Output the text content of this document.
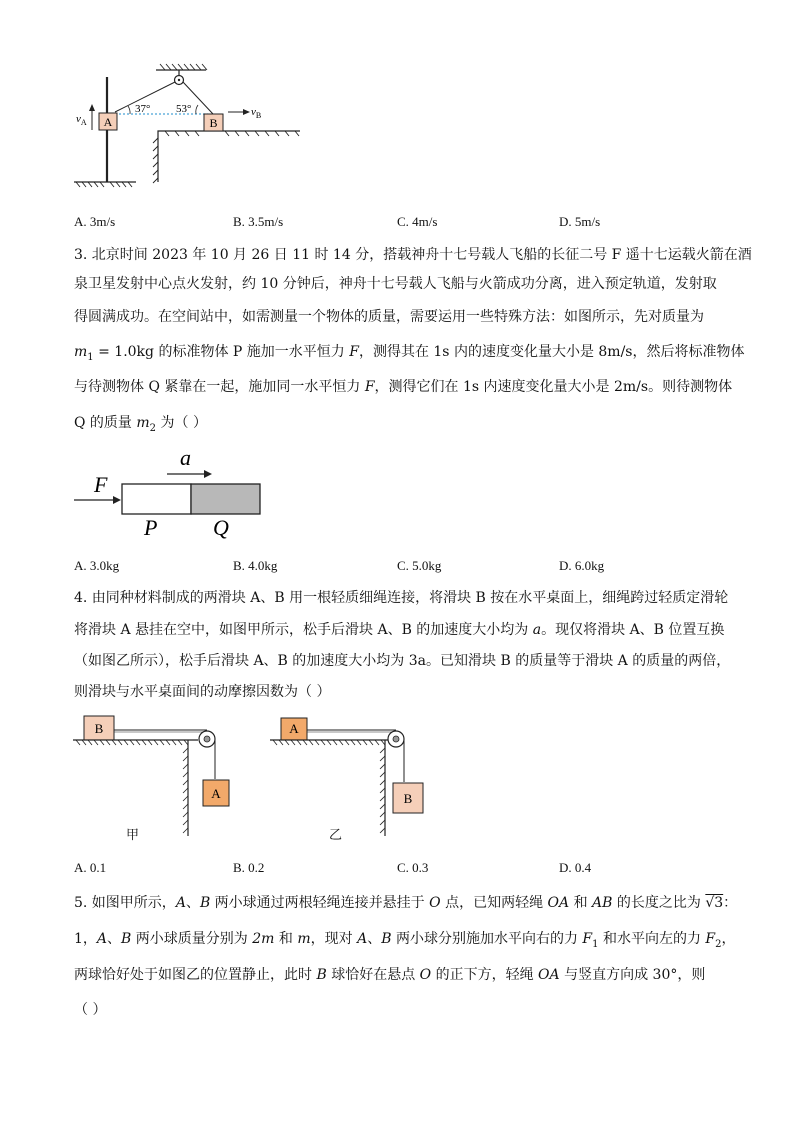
A	B
37° 53°
$v_A$
$v_B$
A. 3m/s	B. 3.5m/s	C. 4m/s	D. 5m/s
3. 北京时间 2023 年 10 月 26 日 11 时 14 分，搭载神舟十七号载人飞船的长征二号 F 遥十七运载火箭在酒
泉卫星发射中心点火发射，约 10 分钟后，神舟十七号载人飞船与火箭成功分离，进入预定轨道，发射取
得圆满成功。在空间站中，如需测量一个物体的质量，需要运用一些特殊方法：如图所示，先对质量为
$m_1 = 1.0kg$ 的标准物体 P 施加一水平恒力 F，测得其在 1s 内的速度变化量大小是 8m/s，然后将标准物体
与待测物体 Q 紧靠在一起，施加同一水平恒力 F，测得它们在 1s 内速度变化量大小是 2m/s。则待测物体
Q 的质量 $m_2$ 为（ ）
F
a
P	Q
A. 3.0kg	B. 4.0kg	C. 5.0kg	D. 6.0kg
4. 由同种材料制成的两滑块 A、B 用一根轻质细绳连接，将滑块 B 按在水平桌面上，细绳跨过轻质定滑轮
将滑块 A 悬挂在空中，如图甲所示，松手后滑块 A、B 的加速度大小均为 a。现仅将滑块 A、B 位置互换
（如图乙所示），松手后滑块 A、B 的加速度大小均为 3a。已知滑块 B 的质量等于滑块 A 的质量的两倍，
则滑块与水平桌面间的动摩擦因数为（ ）
B
A
甲
A
B
乙
A. 0.1	B. 0.2	C. 0.3	D. 0.4
5. 如图甲所示，A、B 两小球通过两根轻绳连接并悬挂于 O 点，已知两轻绳 OA 和 AB 的长度之比为 √3：
1，A、B 两小球质量分别为 2m 和 m，现对 A、B 两小球分别施加水平向右的力 $F_1$ 和水平向左的力 $F_2$，
两球恰好处于如图乙的位置静止，此时 B 球恰好在悬点 O 的正下方，轻绳 OA 与竖直方向成 30°，则
（ ）
